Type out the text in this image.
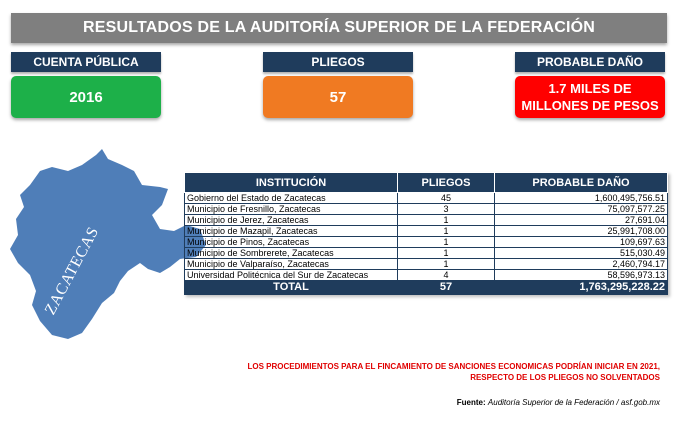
RESULTADOS DE LA AUDITORÍA SUPERIOR DE LA FEDERACIÓN
CUENTA PÚBLICA
2016
PLIEGOS
57
PROBABLE DAÑO
1.7 MILES DE
MILLONES DE PESOS
ZACATECAS
INSTITUCIÓN	PLIEGOS	PROBABLE DAÑO
Gobierno del Estado de Zacatecas	45	1,600,495,756.51
Municipio de Fresnillo, Zacatecas	3	75,097,577.25
Municipio de Jerez, Zacatecas	1	27,691.04
Municipio de Mazapil, Zacatecas	1	25,991,708.00
Municipio de Pinos, Zacatecas	1	109,697.63
Municipio de Sombrerete, Zacatecas	1	515,030.49
Municipio de Valparaíso, Zacatecas	1	2,460,794.17
Universidad Politécnica del Sur de Zacatecas	4	58,596,973.13
TOTAL	57	1,763,295,228.22
LOS PROCEDIMIENTOS PARA EL FINCAMIENTO DE SANCIONES ECONOMICAS PODRÍAN INICIAR EN 2021,
RESPECTO DE LOS PLIEGOS NO SOLVENTADOS
Fuente: Auditoría Superior de la Federación / asf.gob.mx
